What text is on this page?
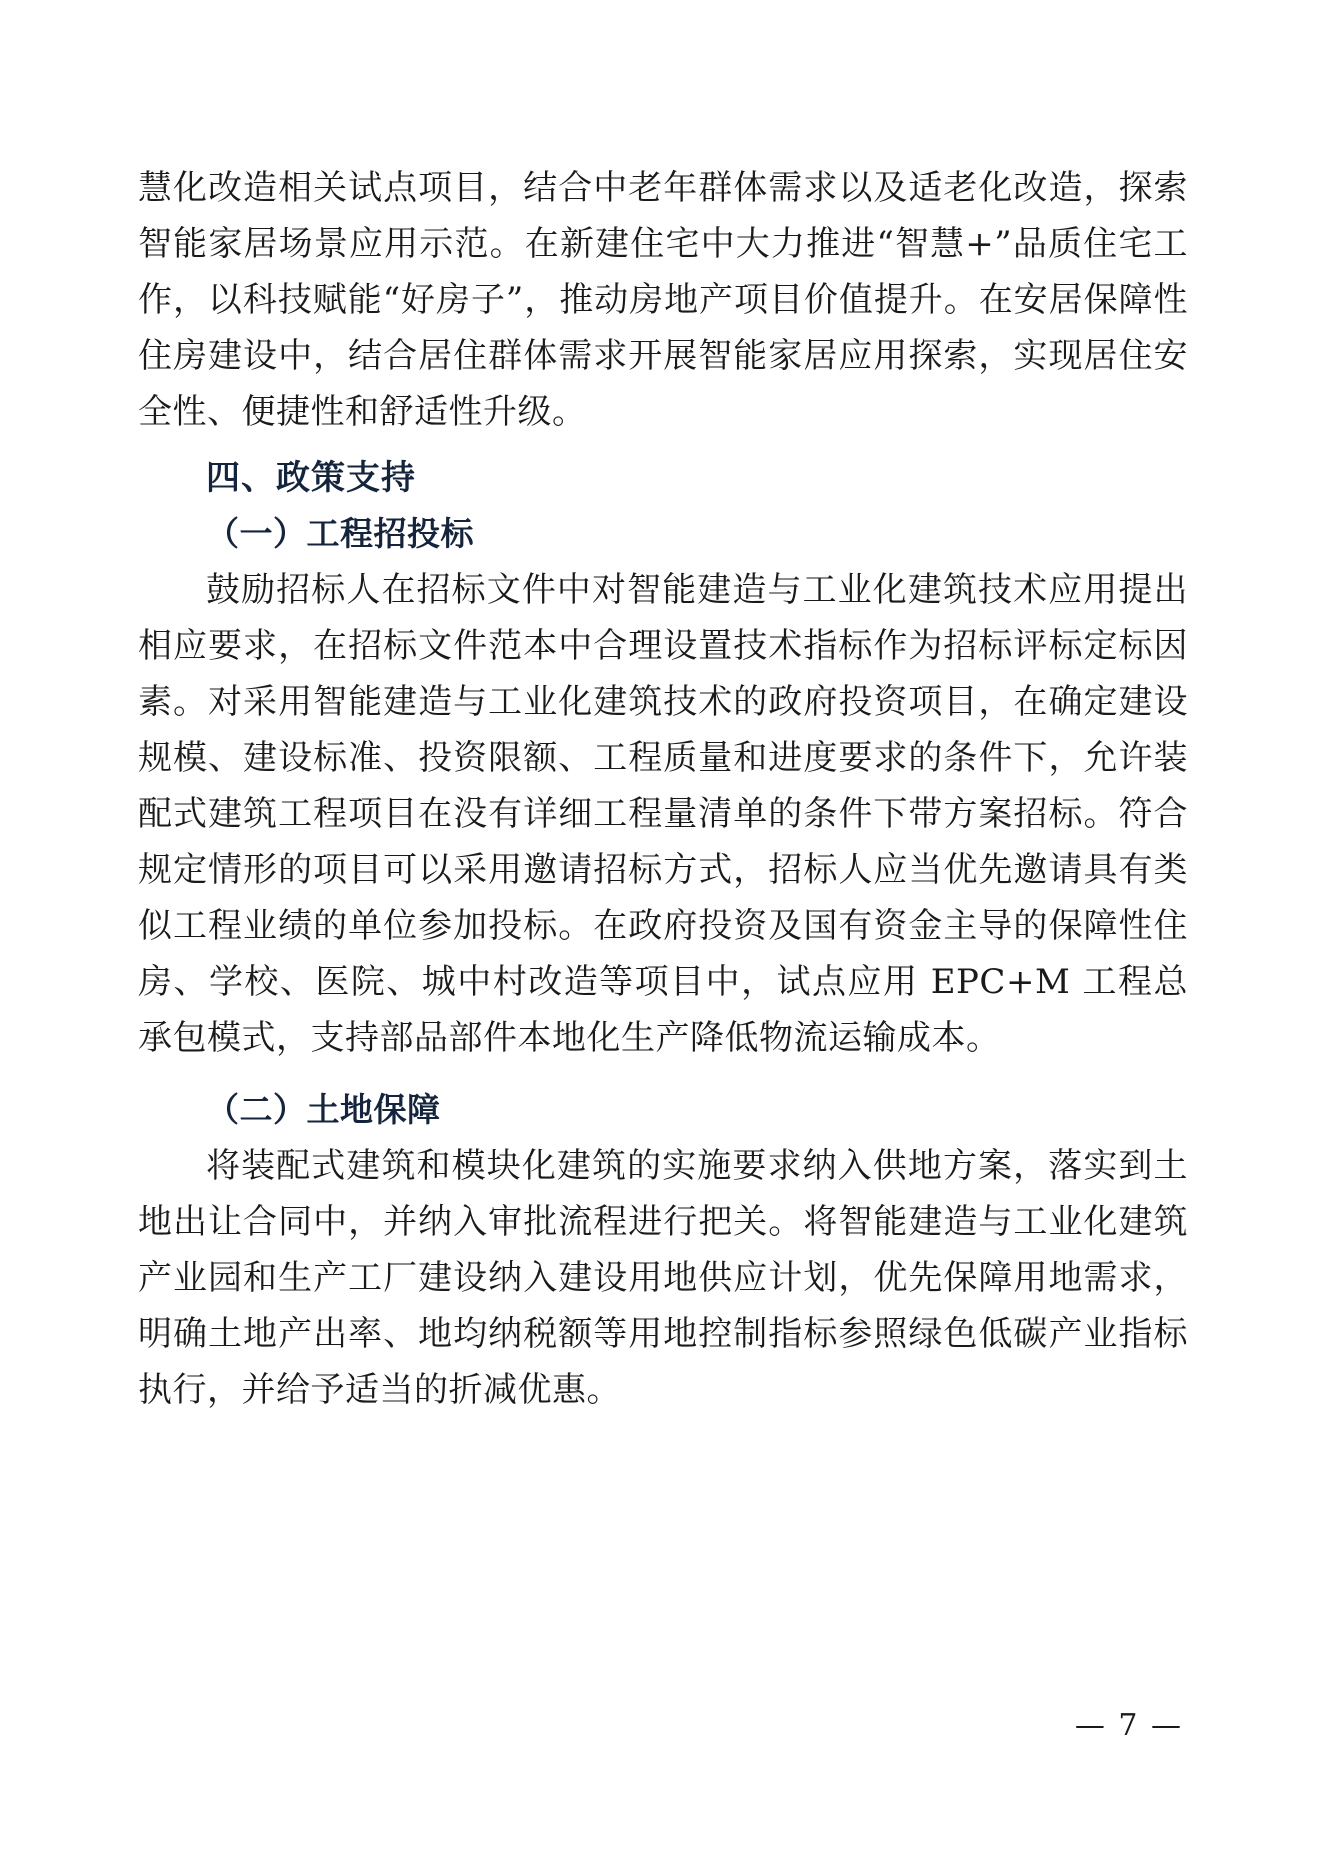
慧化改造相关试点项目，结合中老年群体需求以及适老化改造，探索智能家居场景应用示范。在新建住宅中大力推进“智慧+”品质住宅工作，以科技赋能“好房子”，推动房地产项目价值提升。在安居保障性住房建设中，结合居住群体需求开展智能家居应用探索，实现居住安全性、便捷性和舒适性升级。

四、政策支持

（一）工程招投标

鼓励招标人在招标文件中对智能建造与工业化建筑技术应用提出相应要求，在招标文件范本中合理设置技术指标作为招标评标定标因素。对采用智能建造与工业化建筑技术的政府投资项目，在确定建设规模、建设标准、投资限额、工程质量和进度要求的条件下，允许装配式建筑工程项目在没有详细工程量清单的条件下带方案招标。符合规定情形的项目可以采用邀请招标方式，招标人应当优先邀请具有类似工程业绩的单位参加投标。在政府投资及国有资金主导的保障性住房、学校、医院、城中村改造等项目中，试点应用 EPC+M 工程总承包模式，支持部品部件本地化生产降低物流运输成本。

（二）土地保障

将装配式建筑和模块化建筑的实施要求纳入供地方案，落实到土地出让合同中，并纳入审批流程进行把关。将智能建造与工业化建筑产业园和生产工厂建设纳入建设用地供应计划，优先保障用地需求，明确土地产出率、地均纳税额等用地控制指标参照绿色低碳产业指标执行，并给予适当的折减优惠。

— 7 —
